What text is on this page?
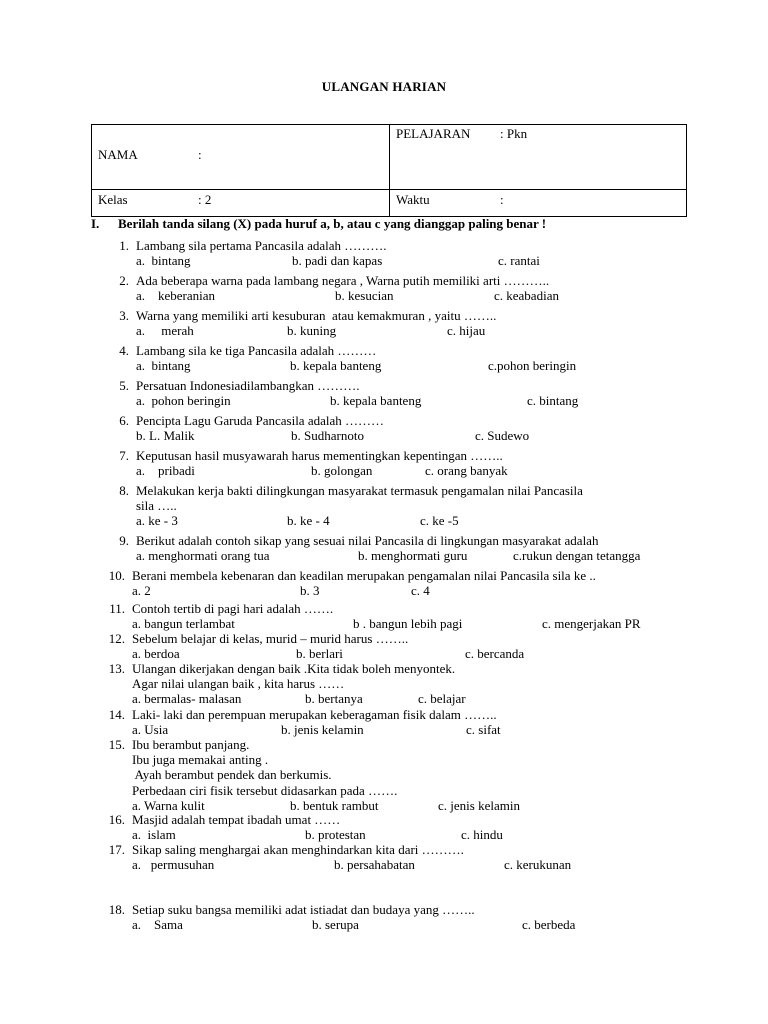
ULANGAN HARIAN
NAMA :	PELAJARAN : Pkn

Kelas : 2	Waktu :
I. Berilah tanda silang (X) pada huruf a, b, atau c yang dianggap paling benar !
1. Lambang sila pertama Pancasila adalah ……….
a.  bintang	b. padi dan kapas	c. rantai
2. Ada beberapa warna pada lambang negara , Warna putih memiliki arti ………..
a.    keberanian	b. kesucian	c. keabadian
3. Warna yang memiliki arti kesuburan  atau kemakmuran , yaitu ……..
a.     merah	b. kuning	c. hijau
4. Lambang sila ke tiga Pancasila adalah ………
a.  bintang	b. kepala banteng	c.pohon beringin
5. Persatuan Indonesiadilambangkan ……….
a.  pohon beringin	b. kepala banteng	c. bintang
6. Pencipta Lagu Garuda Pancasila adalah ………
b. L. Malik	b. Sudharnoto	c. Sudewo
7. Keputusan hasil musyawarah harus mementingkan kepentingan ……..
a.    pribadi	b. golongan	c. orang banyak
8. Melakukan kerja bakti dilingkungan masyarakat termasuk pengamalan nilai Pancasila
sila …..
a. ke - 3	b. ke - 4	c. ke -5
9. Berikut adalah contoh sikap yang sesuai nilai Pancasila di lingkungan masyarakat adalah
a. menghormati orang tua	b. menghormati guru	c.rukun dengan tetangga
10. Berani membela kebenaran dan keadilan merupakan pengamalan nilai Pancasila sila ke ..
a. 2	b. 3	c. 4
11. Contoh tertib di pagi hari adalah …….
a. bangun terlambat	b . bangun lebih pagi	c. mengerjakan PR
12. Sebelum belajar di kelas, murid – murid harus ……..
a. berdoa	b. berlari	c. bercanda
13. Ulangan dikerjakan dengan baik .Kita tidak boleh menyontek.
Agar nilai ulangan baik , kita harus ……
a. bermalas- malasan	b. bertanya	c. belajar
14. Laki- laki dan perempuan merupakan keberagaman fisik dalam ……..
a. Usia	b. jenis kelamin	c. sifat
15. Ibu berambut panjang.
Ibu juga memakai anting .
Ayah berambut pendek dan berkumis.
Perbedaan ciri fisik tersebut didasarkan pada …….
a. Warna kulit	b. bentuk rambut	c. jenis kelamin
16. Masjid adalah tempat ibadah umat ……
a.  islam	b. protestan	c. hindu
17. Sikap saling menghargai akan menghindarkan kita dari ……….
a.   permusuhan	b. persahabatan	c. kerukunan
18. Setiap suku bangsa memiliki adat istiadat dan budaya yang ……..
a.    Sama	b. serupa	c. berbeda
